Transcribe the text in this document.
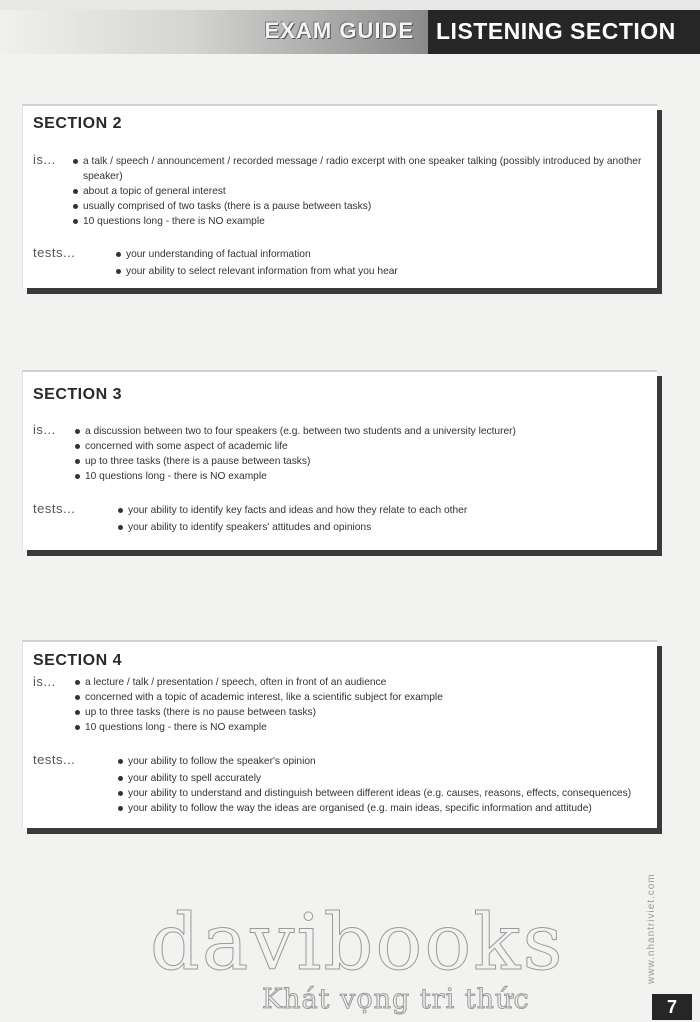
EXAM GUIDE LISTENING SECTION
SECTION 2
is...	a talk / speech / announcement / recorded message / radio excerpt with one speaker talking (possibly introduced by another speaker)
about a topic of general interest
usually comprised of two tasks (there is a pause between tasks)
10 questions long - there is NO example
tests...	your understanding of factual information
your ability to select relevant information from what you hear
SECTION 3
is...	a discussion between two to four speakers (e.g. between two students and a university lecturer)
concerned with some aspect of academic life
up to three tasks (there is a pause between tasks)
10 questions long - there is NO example
tests...	your ability to identify key facts and ideas and how they relate to each other
your ability to identify speakers' attitudes and opinions
SECTION 4
is...	a lecture / talk / presentation / speech, often in front of an audience
concerned with a topic of academic interest, like a scientific subject for example
up to three tasks (there is no pause between tasks)
10 questions long - there is NO example
tests...	your ability to follow the speaker's opinion
your ability to spell accurately
your ability to understand and distinguish between different ideas (e.g. causes, reasons, effects, consequences)
your ability to follow the way the ideas are organised (e.g. main ideas, specific information and attitude)
davibooks
Khát vọng tri thức
www.nhantriviet.com
7
